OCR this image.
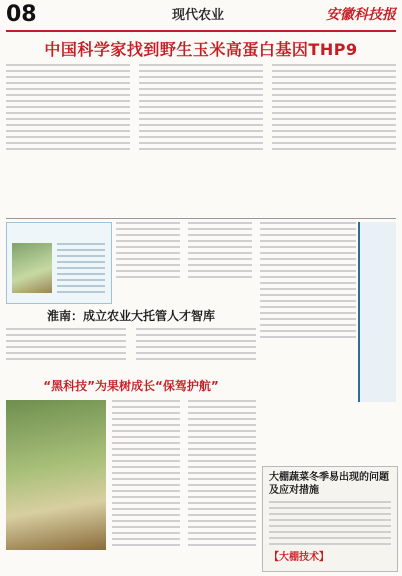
08	现代农业	安徽科技报
中国科学家找到野生玉米高蛋白基因THP9
淮南：成立农业大托管人才智库
“黑科技”为果树成长“保驾护航”
大棚蔬菜冬季易出现的问题及应对措施
【大棚技术】
